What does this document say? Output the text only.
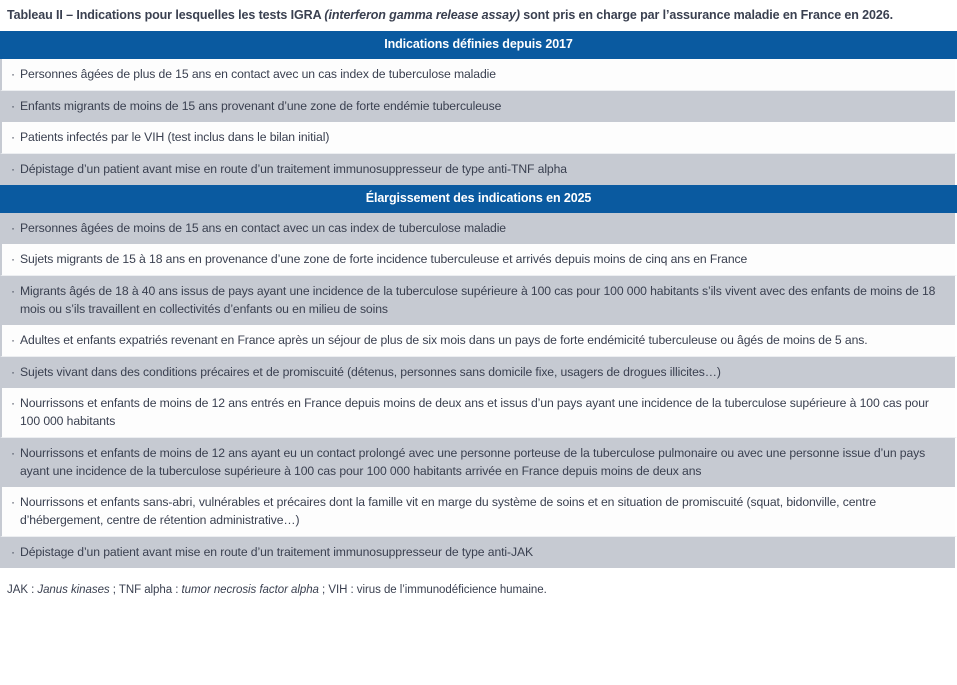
Tableau II – Indications pour lesquelles les tests IGRA (interferon gamma release assay) sont pris en charge par l’assurance maladie en France en 2026.
Indications définies depuis 2017
· Personnes âgées de plus de 15 ans en contact avec un cas index de tuberculose maladie
· Enfants migrants de moins de 15 ans provenant d’une zone de forte endémie tuberculeuse
· Patients infectés par le VIH (test inclus dans le bilan initial)
· Dépistage d’un patient avant mise en route d’un traitement immunosuppresseur de type anti-TNF alpha
Élargissement des indications en 2025
· Personnes âgées de moins de 15 ans en contact avec un cas index de tuberculose maladie
· Sujets migrants de 15 à 18 ans en provenance d’une zone de forte incidence tuberculeuse et arrivés depuis moins de cinq ans en France
· Migrants âgés de 18 à 40 ans issus de pays ayant une incidence de la tuberculose supérieure à 100 cas pour 100 000 habitants s’ils vivent avec des enfants de moins de 18 mois ou s’ils travaillent en collectivités d’enfants ou en milieu de soins
· Adultes et enfants expatriés revenant en France après un séjour de plus de six mois dans un pays de forte endémicité tuberculeuse ou âgés de moins de 5 ans.
· Sujets vivant dans des conditions précaires et de promiscuité (détenus, personnes sans domicile fixe, usagers de drogues illicites…)
· Nourrissons et enfants de moins de 12 ans entrés en France depuis moins de deux ans et issus d’un pays ayant une incidence de la tuberculose supérieure à 100 cas pour 100 000 habitants
· Nourrissons et enfants de moins de 12 ans ayant eu un contact prolongé avec une personne porteuse de la tuberculose pulmonaire ou avec une personne issue d’un pays ayant une incidence de la tuberculose supérieure à 100 cas pour 100 000 habitants arrivée en France depuis moins de deux ans
· Nourrissons et enfants sans-abri, vulnérables et précaires dont la famille vit en marge du système de soins et en situation de promiscuité (squat, bidonville, centre d’hébergement, centre de rétention administrative…)
· Dépistage d’un patient avant mise en route d’un traitement immunosuppresseur de type anti-JAK
JAK : Janus kinases ; TNF alpha : tumor necrosis factor alpha ; VIH : virus de l’immunodéficience humaine.
